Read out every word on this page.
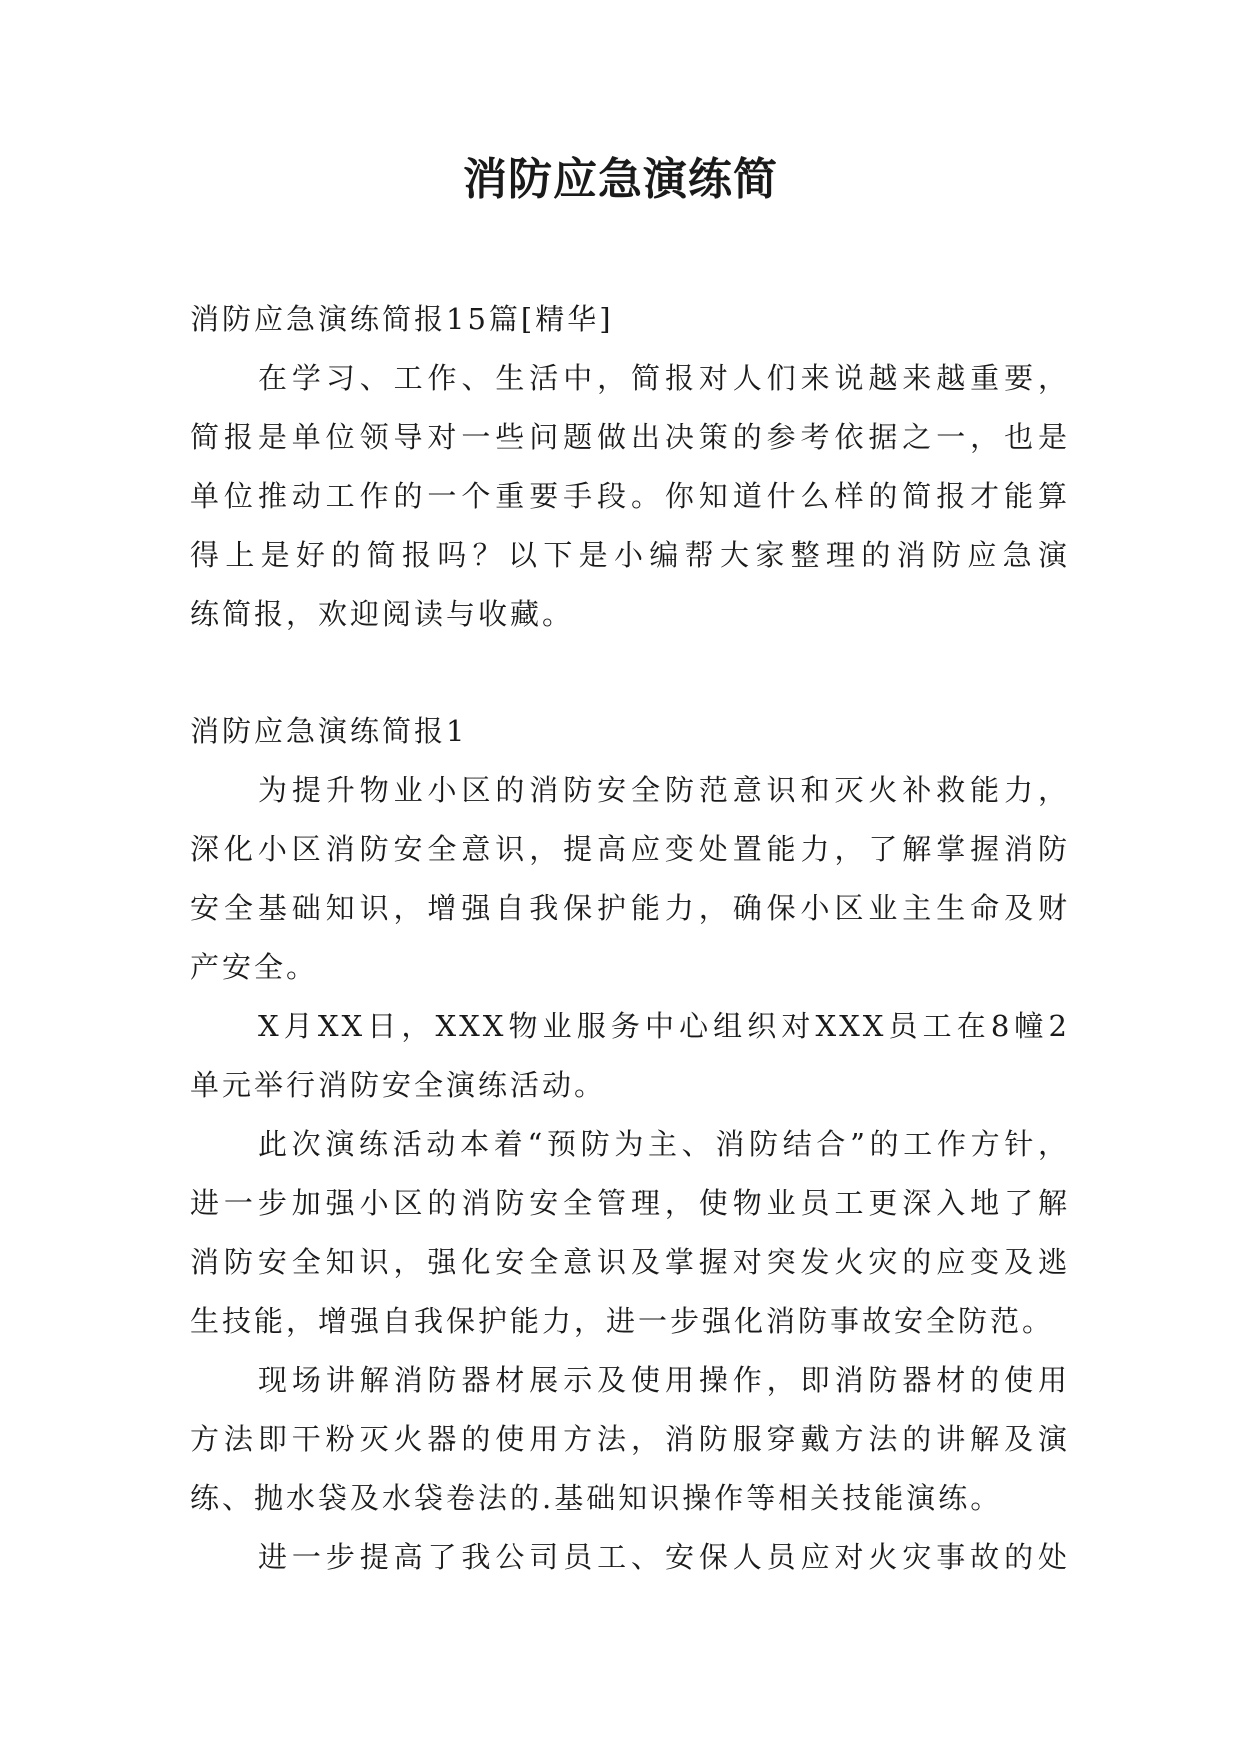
消防应急演练简
消防应急演练简报15篇[精华]
在学习、工作、生活中，简报对人们来说越来越重要，
简报是单位领导对一些问题做出决策的参考依据之一，也是
单位推动工作的一个重要手段。你知道什么样的简报才能算
得上是好的简报吗？以下是小编帮大家整理的消防应急演
练简报，欢迎阅读与收藏。
消防应急演练简报1
为提升物业小区的消防安全防范意识和灭火补救能力，
深化小区消防安全意识，提高应变处置能力，了解掌握消防
安全基础知识，增强自我保护能力，确保小区业主生命及财
产安全。
X月XX日，XXX物业服务中心组织对XXX员工在8幢2
单元举行消防安全演练活动。
此次演练活动本着“预防为主、消防结合”的工作方针，
进一步加强小区的消防安全管理，使物业员工更深入地了解
消防安全知识，强化安全意识及掌握对突发火灾的应变及逃
生技能，增强自我保护能力，进一步强化消防事故安全防范。
现场讲解消防器材展示及使用操作，即消防器材的使用
方法即干粉灭火器的使用方法，消防服穿戴方法的讲解及演
练、抛水袋及水袋卷法的.基础知识操作等相关技能演练。
进一步提高了我公司员工、安保人员应对火灾事故的处
